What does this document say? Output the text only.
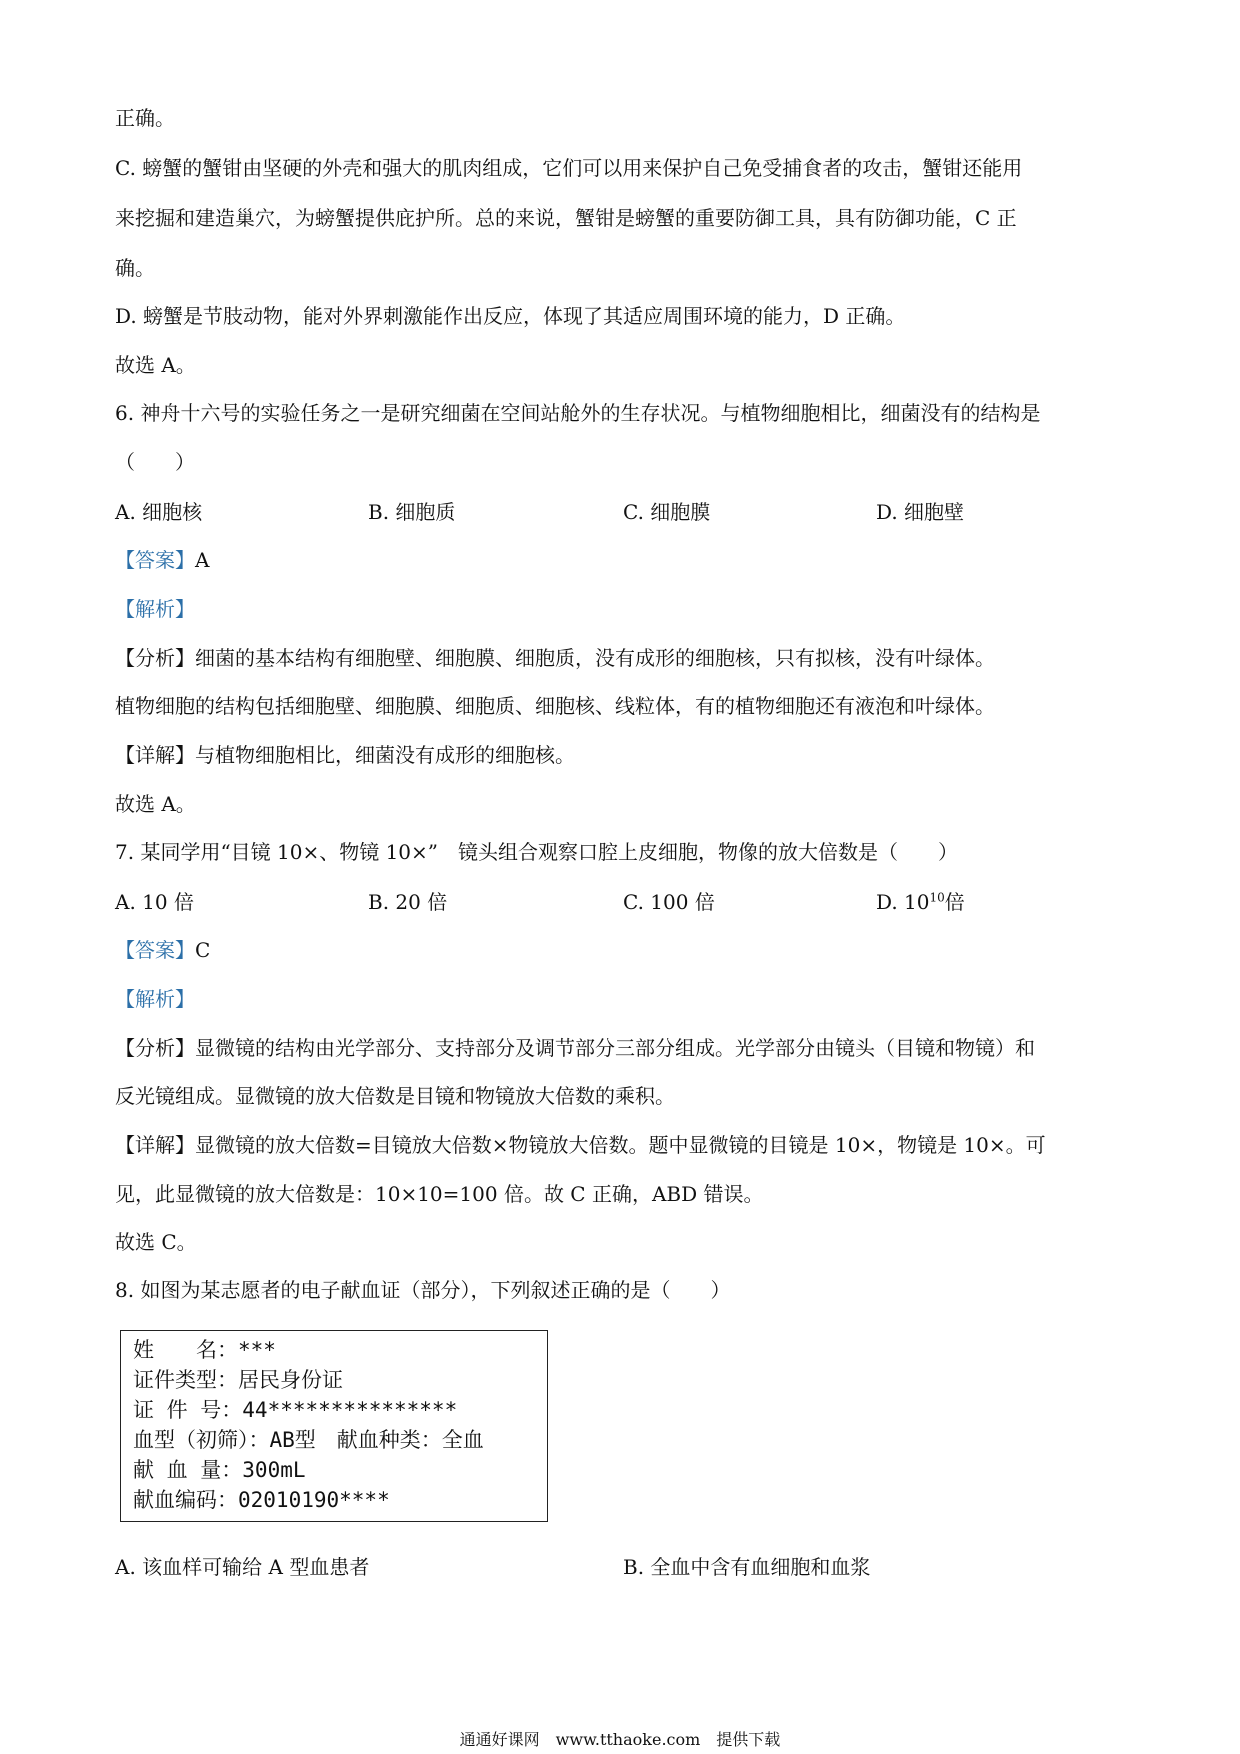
正确。
C. 螃蟹的蟹钳由坚硬的外壳和强大的肌肉组成，它们可以用来保护自己免受捕食者的攻击，蟹钳还能用
来挖掘和建造巢穴，为螃蟹提供庇护所。总的来说，蟹钳是螃蟹的重要防御工具，具有防御功能，C 正
确。
D. 螃蟹是节肢动物，能对外界刺激能作出反应，体现了其适应周围环境的能力，D 正确。
故选 A。
6. 神舟十六号的实验任务之一是研究细菌在空间站舱外的生存状况。与植物细胞相比，细菌没有的结构是
（　　）
A. 细胞核	B. 细胞质	C. 细胞膜	D. 细胞壁
【答案】A
【解析】
【分析】细菌的基本结构有细胞壁、细胞膜、细胞质，没有成形的细胞核，只有拟核，没有叶绿体。
植物细胞的结构包括细胞壁、细胞膜、细胞质、细胞核、线粒体，有的植物细胞还有液泡和叶绿体。
【详解】与植物细胞相比，细菌没有成形的细胞核。
故选 A。
7. 某同学用“目镜 10×、物镜 10×”　镜头组合观察口腔上皮细胞，物像的放大倍数是（　　）
A. 10 倍	B. 20 倍	C. 100 倍	D. $10^{10}$倍
【答案】C
【解析】
【分析】显微镜的结构由光学部分、支持部分及调节部分三部分组成。光学部分由镜头（目镜和物镜）和
反光镜组成。显微镜的放大倍数是目镜和物镜放大倍数的乘积。
【详解】显微镜的放大倍数=目镜放大倍数×物镜放大倍数。题中显微镜的目镜是 10×，物镜是 10×。可
见，此显微镜的放大倍数是：10×10=100 倍。故 C 正确，ABD 错误。
故选 C。
8. 如图为某志愿者的电子献血证（部分），下列叙述正确的是（　　）
姓　　名：***
证件类型：居民身份证
证 件 号：44***************
血型（初筛）：AB型　献血种类：全血
献 血 量：300mL
献血编码：02010190****
A. 该血样可输给 A 型血患者	B. 全血中含有血细胞和血浆
通通好课网　www.tthaoke.com　提供下载
